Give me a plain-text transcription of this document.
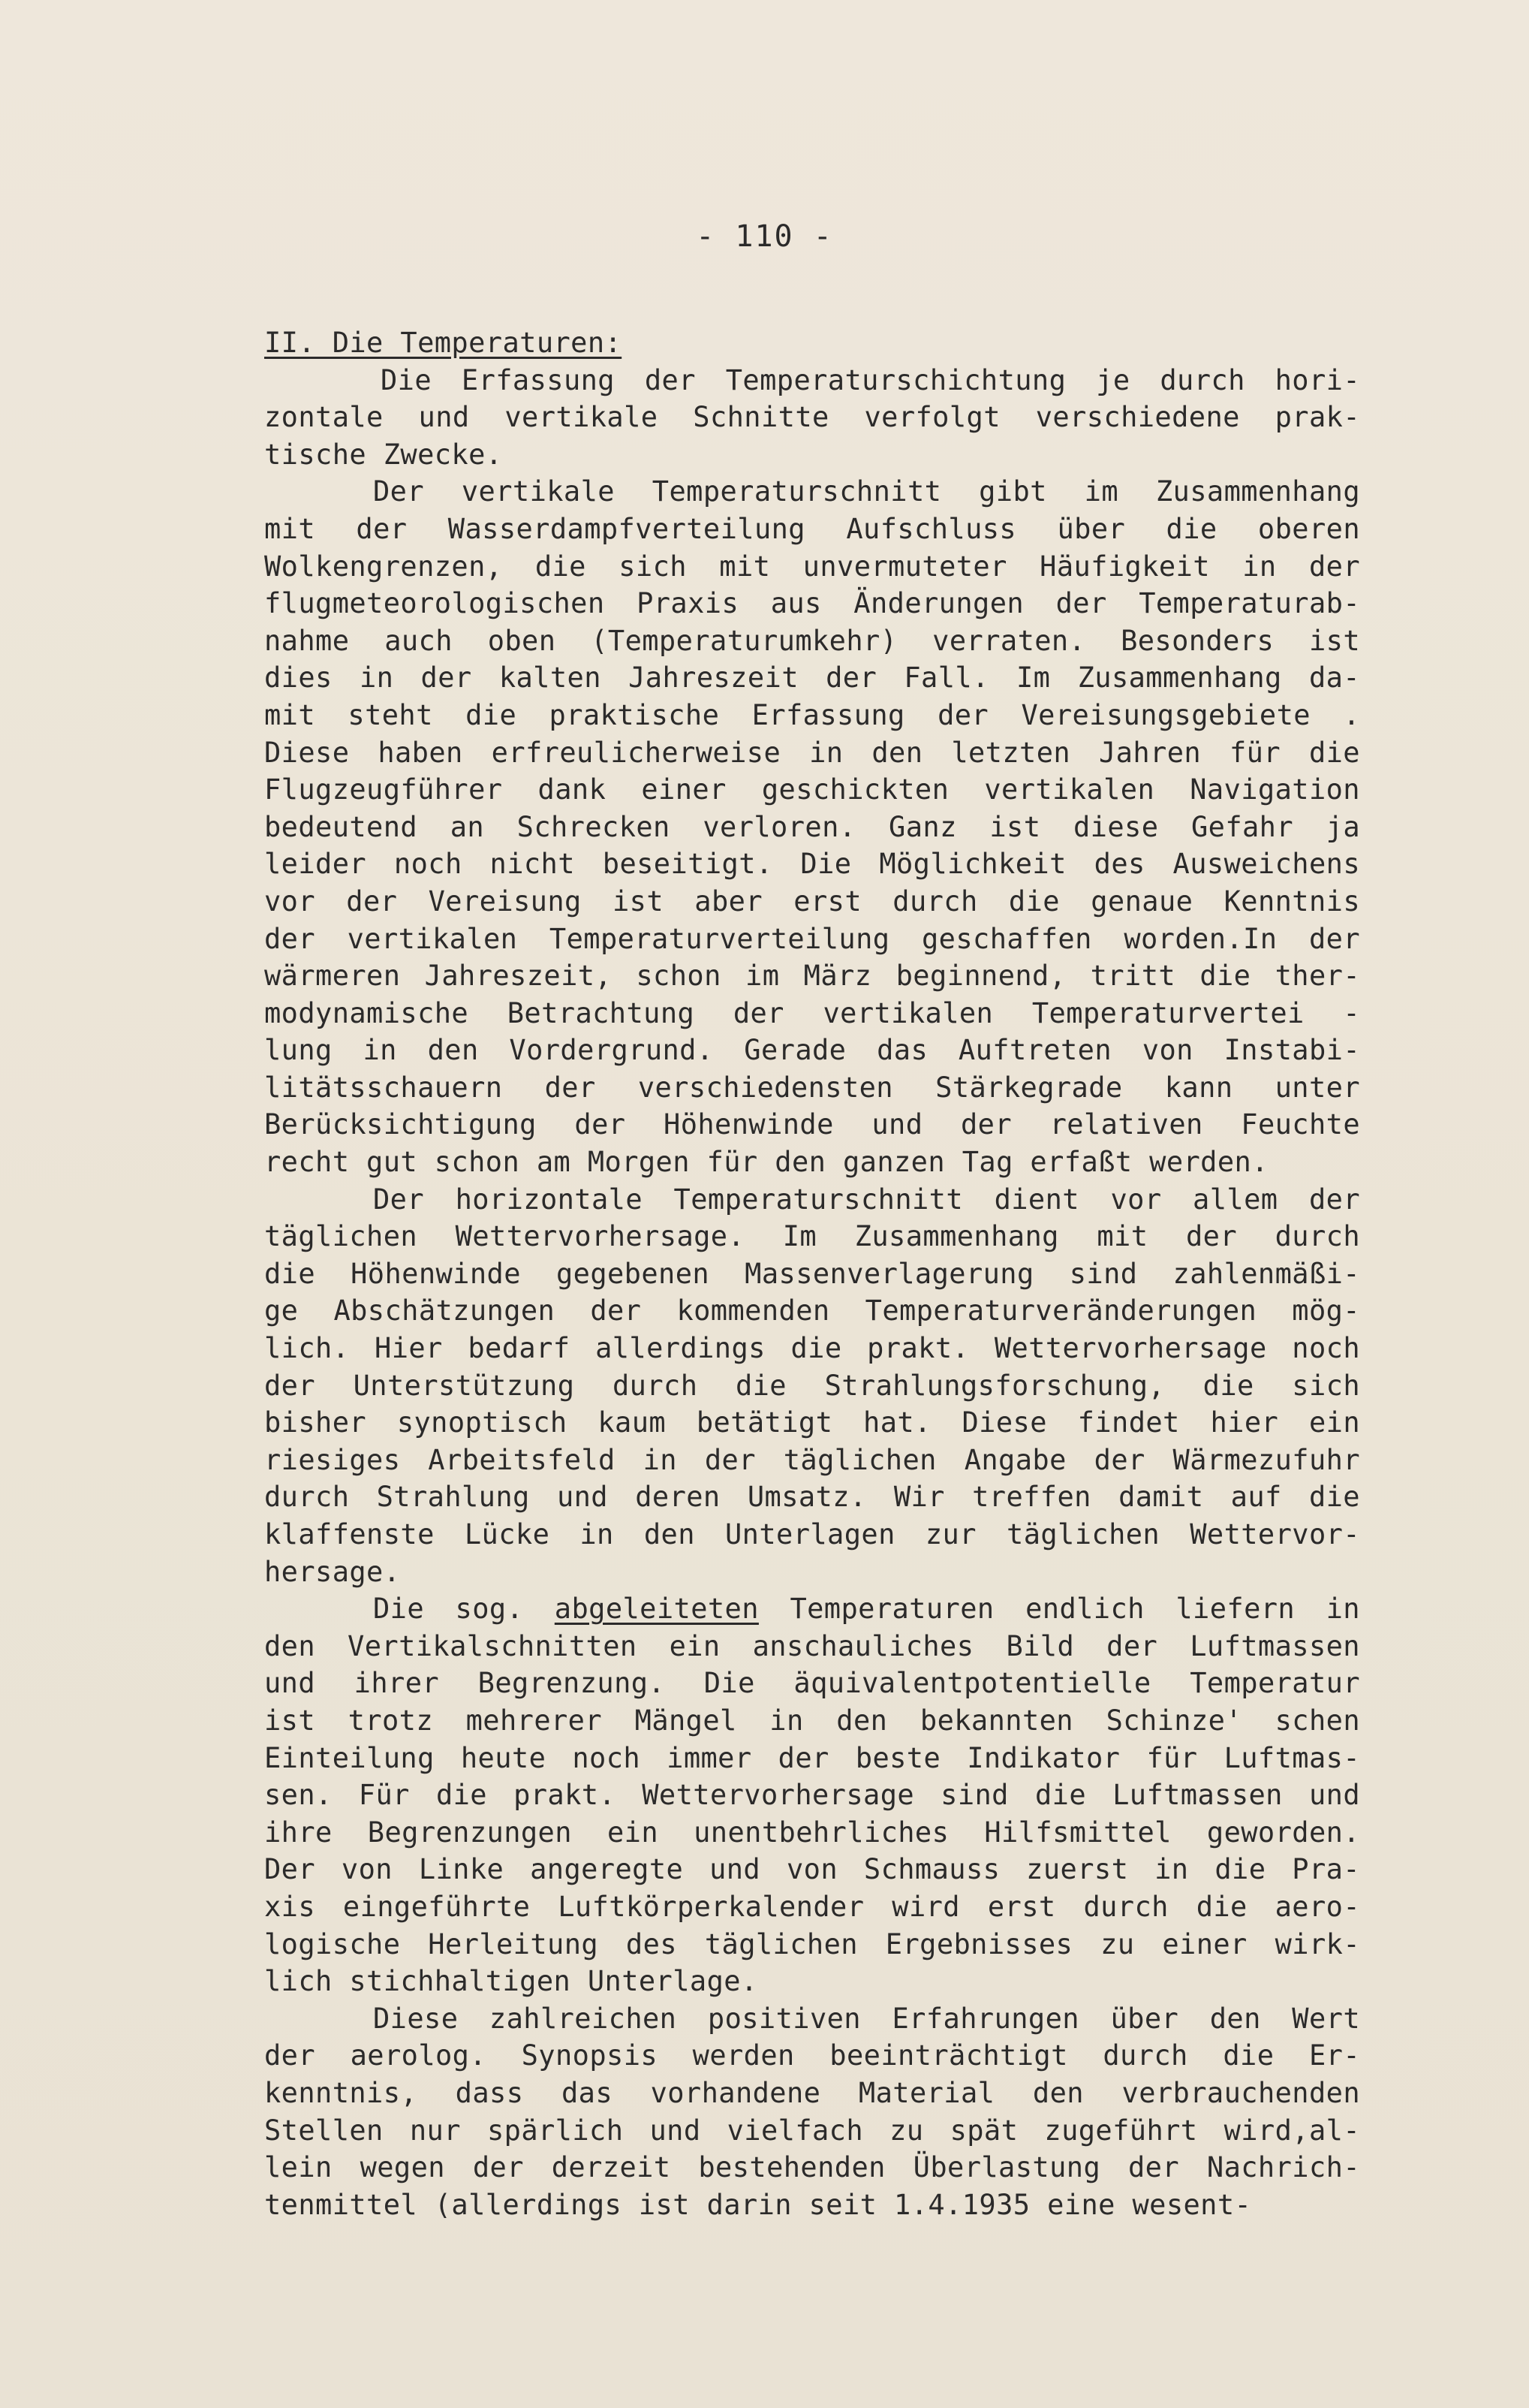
- 110 -
II. Die Temperaturen:
Die Erfassung der Temperaturschichtung je durch hori-
zontale und vertikale Schnitte verfolgt verschiedene prak-
tische Zwecke.
Der vertikale Temperaturschnitt gibt im Zusammenhang
mit der Wasserdampfverteilung Aufschluss über die oberen
Wolkengrenzen, die sich mit unvermuteter Häufigkeit in der
flugmeteorologischen Praxis aus Änderungen der Temperaturab-
nahme auch oben (Temperaturumkehr) verraten. Besonders ist
dies in der kalten Jahreszeit der Fall. Im Zusammenhang da-
mit steht die praktische Erfassung der Vereisungsgebiete .
Diese haben erfreulicherweise in den letzten Jahren für die
Flugzeugführer dank einer geschickten vertikalen Navigation
bedeutend an Schrecken verloren. Ganz ist diese Gefahr ja
leider noch nicht beseitigt. Die Möglichkeit des Ausweichens
vor der Vereisung ist aber erst durch die genaue Kenntnis
der vertikalen Temperaturverteilung geschaffen worden.In der
wärmeren Jahreszeit, schon im März beginnend, tritt die ther-
modynamische Betrachtung der vertikalen Temperaturvertei -
lung in den Vordergrund. Gerade das Auftreten von Instabi-
litätsschauern der verschiedensten Stärkegrade kann unter
Berücksichtigung der Höhenwinde und der relativen Feuchte
recht gut schon am Morgen für den ganzen Tag erfaßt werden.
Der horizontale Temperaturschnitt dient vor allem der
täglichen Wettervorhersage. Im Zusammenhang mit der durch
die Höhenwinde gegebenen Massenverlagerung sind zahlenmäßi-
ge Abschätzungen der kommenden Temperaturveränderungen mög-
lich. Hier bedarf allerdings die prakt. Wettervorhersage noch
der Unterstützung durch die Strahlungsforschung, die sich
bisher synoptisch kaum betätigt hat. Diese findet hier ein
riesiges Arbeitsfeld in der täglichen Angabe der Wärmezufuhr
durch Strahlung und deren Umsatz. Wir treffen damit auf die
klaffenste Lücke in den Unterlagen zur täglichen Wettervor-
hersage.
Die sog. abgeleiteten Temperaturen endlich liefern in
den Vertikalschnitten ein anschauliches Bild der Luftmassen
und ihrer Begrenzung. Die äquivalentpotentielle Temperatur
ist trotz mehrerer Mängel in den bekannten Schinze' schen
Einteilung heute noch immer der beste Indikator für Luftmas-
sen. Für die prakt. Wettervorhersage sind die Luftmassen und
ihre Begrenzungen ein unentbehrliches Hilfsmittel geworden.
Der von Linke angeregte und von Schmauss zuerst in die Pra-
xis eingeführte Luftkörperkalender wird erst durch die aero-
logische Herleitung des täglichen Ergebnisses zu einer wirk-
lich stichhaltigen Unterlage.
Diese zahlreichen positiven Erfahrungen über den Wert
der aerolog. Synopsis werden beeinträchtigt durch die Er-
kenntnis, dass das vorhandene Material den verbrauchenden
Stellen nur spärlich und vielfach zu spät zugeführt wird,al-
lein wegen der derzeit bestehenden Überlastung der Nachrich-
tenmittel (allerdings ist darin seit 1.4.1935 eine wesent-
